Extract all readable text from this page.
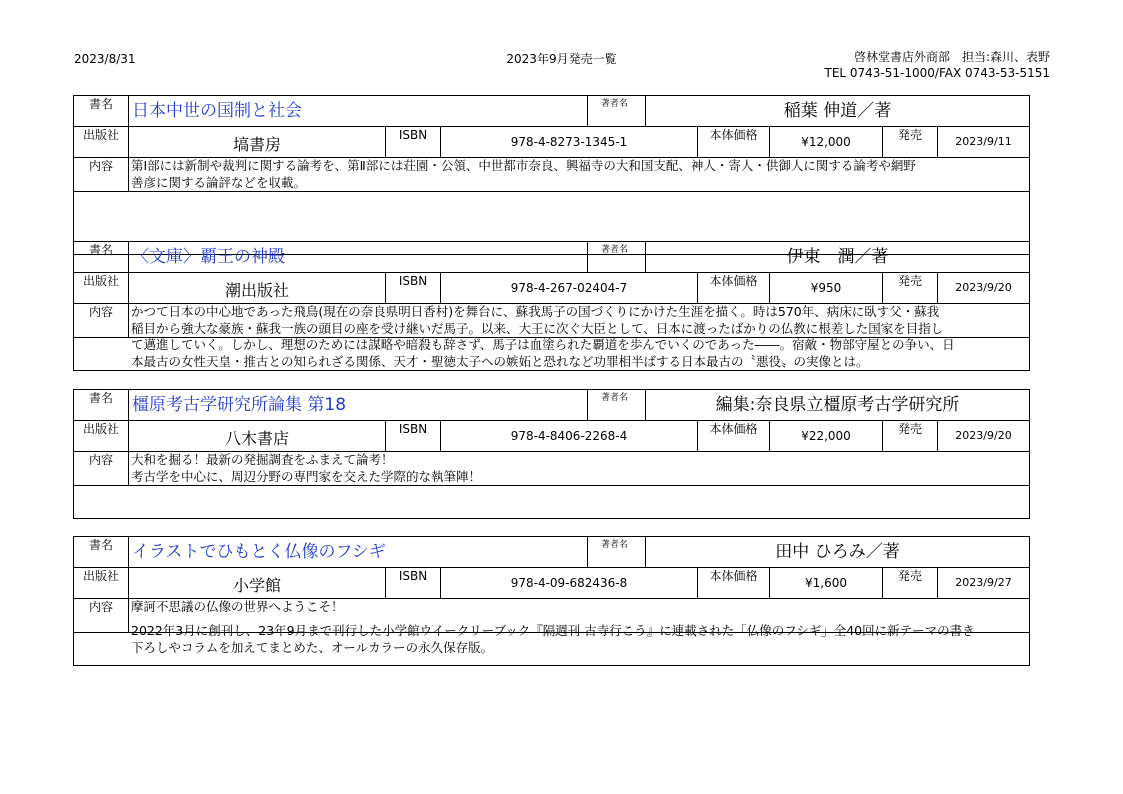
2023/8/31	2023年9月発売一覧	啓林堂書店外商部　担当:森川、表野
TEL 0743-51-1000/FAX 0743-53-5151
書名	日本中世の国制と社会	著者名	稲葉 伸道／著
出版社	塙書房	ISBN	978-4-8273-1345-1	本体価格	¥12,000	発売	2023/9/11
内容	第Ⅰ部には新制や裁判に関する論考を、第Ⅱ部には荘園・公領、中世都市奈良、興福寺の大和国支配、神人・寄人・供御人に関する論考や網野

善彦に関する論評などを収載。

書名	〈文庫〉覇王の神殿	著者名	伊東　潤／著
出版社	潮出版社	ISBN	978-4-267-02404-7	本体価格	¥950	発売	2023/9/20
内容	かつて日本の中心地であった飛鳥(現在の奈良県明日香村)を舞台に、蘇我馬子の国づくりにかけた生涯を描く。時は570年、病床に臥す父・蘇我

稲目から強大な豪族・蘇我一族の頭目の座を受け継いだ馬子。以来、大王に次ぐ大臣として、日本に渡ったばかりの仏教に根差した国家を目指し

て邁進していく。しかし、理想のためには謀略や暗殺も辞さず、馬子は血塗られた覇道を歩んでいくのであった――。宿敵・物部守屋との争い、日

本最古の女性天皇・推古との知られざる関係、天才・聖徳太子への嫉妬と恐れなど功罪相半ばする日本最古の〝悪役〟の実像とは。

書名	橿原考古学研究所論集 第18	著者名	編集:奈良県立橿原考古学研究所
出版社	八木書店	ISBN	978-4-8406-2268-4	本体価格	¥22,000	発売	2023/9/20
内容	大和を掘る！最新の発掘調査をふまえて論考！

考古学を中心に、周辺分野の専門家を交えた学際的な執筆陣！

書名	イラストでひもとく仏像のフシギ	著者名	田中 ひろみ／著
出版社	小学館	ISBN	978-4-09-682436-8	本体価格	¥1,600	発売	2023/9/27
内容	摩訶不思議の仏像の世界へようこそ！

2022年3月に創刊し、23年9月まで刊行した小学館ウイークリーブック『隔週刊 古寺行こう』に連載された「仏像のフシギ」全40回に新テーマの書き

下ろしやコラムを加えてまとめた、オールカラーの永久保存版。
